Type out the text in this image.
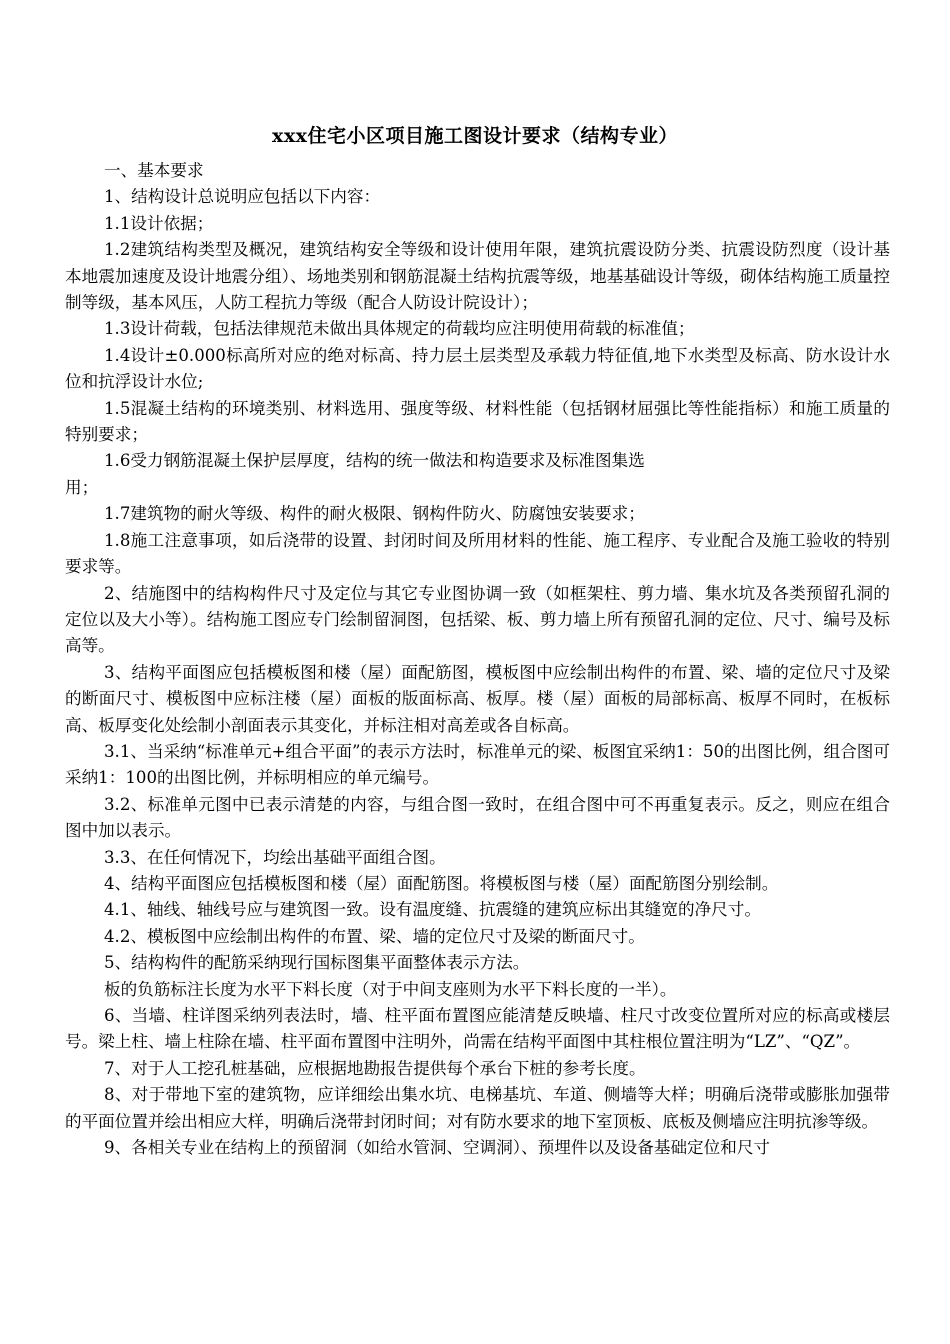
xxx住宅小区项目施工图设计要求（结构专业）

一、基本要求

1、结构设计总说明应包括以下内容：

1.1设计依据；

1.2建筑结构类型及概况，建筑结构安全等级和设计使用年限，建筑抗震设防分类、抗震设防烈度（设计基本地震加速度及设计地震分组）、场地类别和钢筋混凝土结构抗震等级，地基基础设计等级，砌体结构施工质量控制等级，基本风压，人防工程抗力等级（配合人防设计院设计）；

1.3设计荷载，包括法律规范未做出具体规定的荷载均应注明使用荷载的标准值；

1.4设计±0.000标高所对应的绝对标高、持力层土层类型及承载力特征值,地下水类型及标高、防水设计水位和抗浮设计水位;

1.5混凝土结构的环境类别、材料选用、强度等级、材料性能（包括钢材屈强比等性能指标）和施工质量的特别要求；

1.6受力钢筋混凝土保护层厚度，结构的统一做法和构造要求及标准图集选

用；

1.7建筑物的耐火等级、构件的耐火极限、钢构件防火、防腐蚀安装要求；

1.8施工注意事项，如后浇带的设置、封闭时间及所用材料的性能、施工程序、专业配合及施工验收的特别要求等。

2、结施图中的结构构件尺寸及定位与其它专业图协调一致（如框架柱、剪力墙、集水坑及各类预留孔洞的定位以及大小等）。结构施工图应专门绘制留洞图，包括梁、板、剪力墙上所有预留孔洞的定位、尺寸、编号及标高等。

3、结构平面图应包括模板图和楼（屋）面配筋图，模板图中应绘制出构件的布置、梁、墙的定位尺寸及梁的断面尺寸、模板图中应标注楼（屋）面板的版面标高、板厚。楼（屋）面板的局部标高、板厚不同时，在板标高、板厚变化处绘制小剖面表示其变化，并标注相对高差或各自标高。

3.1、当采纳“标准单元+组合平面”的表示方法时，标准单元的梁、板图宜采纳1：50的出图比例，组合图可采纳1：100的出图比例，并标明相应的单元编号。

3.2、标准单元图中已表示清楚的内容，与组合图一致时，在组合图中可不再重复表示。反之，则应在组合图中加以表示。

3.3、在任何情况下，均绘出基础平面组合图。

4、结构平面图应包括模板图和楼（屋）面配筋图。将模板图与楼（屋）面配筋图分别绘制。

4.1、轴线、轴线号应与建筑图一致。设有温度缝、抗震缝的建筑应标出其缝宽的净尺寸。

4.2、模板图中应绘制出构件的布置、梁、墙的定位尺寸及梁的断面尺寸。

5、结构构件的配筋采纳现行国标图集平面整体表示方法。

板的负筋标注长度为水平下料长度（对于中间支座则为水平下料长度的一半）。

6、当墙、柱详图采纳列表法时，墙、柱平面布置图应能清楚反映墙、柱尺寸改变位置所对应的标高或楼层号。梁上柱、墙上柱除在墙、柱平面布置图中注明外，尚需在结构平面图中其柱根位置注明为“LZ”、“QZ”。

7、对于人工挖孔桩基础，应根据地勘报告提供每个承台下桩的参考长度。

8、对于带地下室的建筑物，应详细绘出集水坑、电梯基坑、车道、侧墙等大样；明确后浇带或膨胀加强带的平面位置并绘出相应大样，明确后浇带封闭时间；对有防水要求的地下室顶板、底板及侧墙应注明抗渗等级。

9、各相关专业在结构上的预留洞（如给水管洞、空调洞）、预埋件以及设备基础定位和尺寸
